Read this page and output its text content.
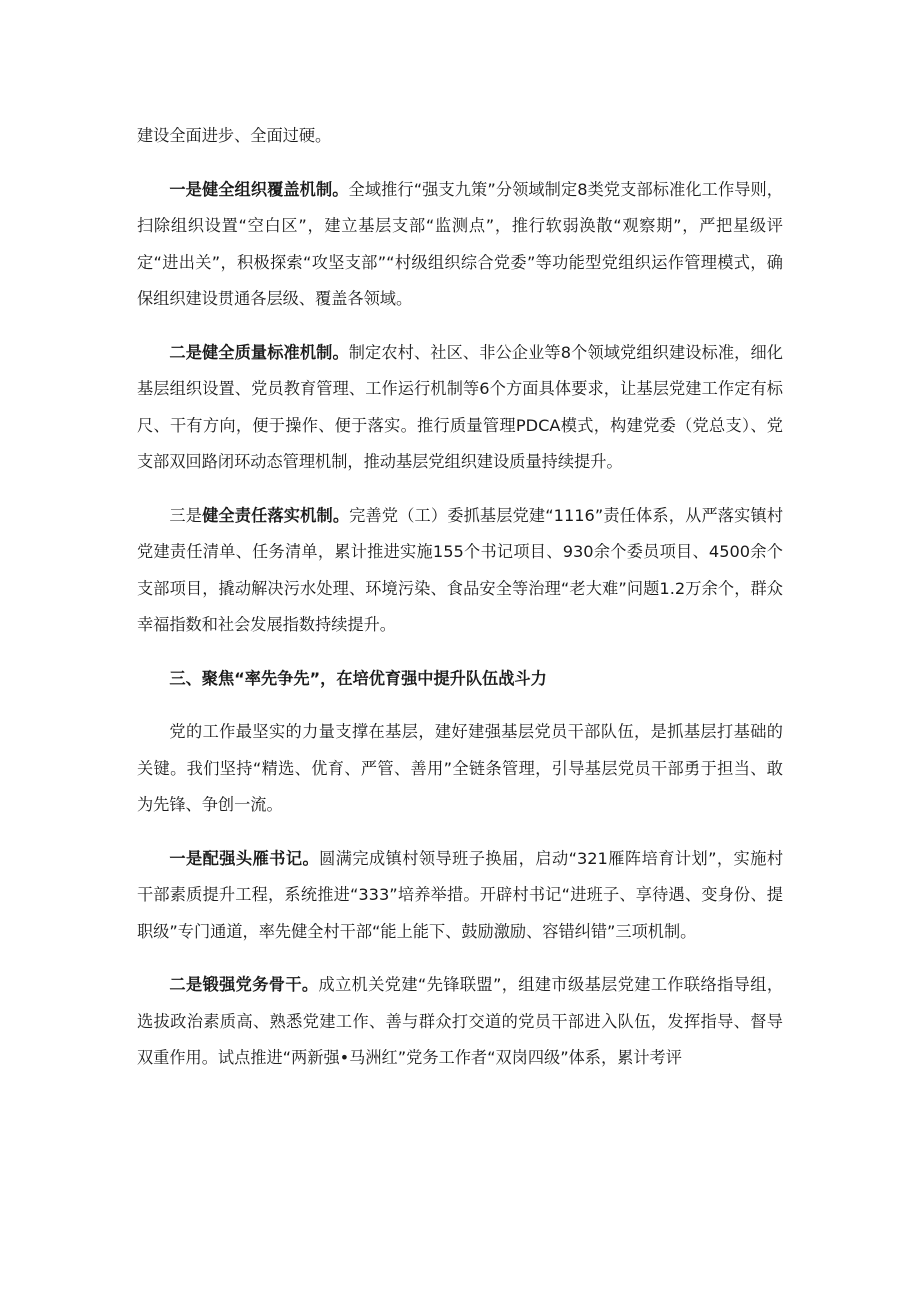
建设全面进步、全面过硬。

一是健全组织覆盖机制。全域推行“强支九策”分领域制定8类党支部标准化工作导则，扫除组织设置“空白区”，建立基层支部“监测点”，推行软弱涣散“观察期”，严把星级评定“进出关”，积极探索“攻坚支部”“村级组织综合党委”等功能型党组织运作管理模式，确保组织建设贯通各层级、覆盖各领域。

二是健全质量标准机制。制定农村、社区、非公企业等8个领域党组织建设标准，细化基层组织设置、党员教育管理、工作运行机制等6个方面具体要求，让基层党建工作定有标尺、干有方向，便于操作、便于落实。推行质量管理PDCA模式，构建党委（党总支）、党支部双回路闭环动态管理机制，推动基层党组织建设质量持续提升。

三是健全责任落实机制。完善党（工）委抓基层党建“1116”责任体系，从严落实镇村党建责任清单、任务清单，累计推进实施155个书记项目、930余个委员项目、4500余个支部项目，撬动解决污水处理、环境污染、食品安全等治理“老大难”问题1.2万余个，群众幸福指数和社会发展指数持续提升。

三、聚焦“率先争先”，在培优育强中提升队伍战斗力

党的工作最坚实的力量支撑在基层，建好建强基层党员干部队伍，是抓基层打基础的关键。我们坚持“精选、优育、严管、善用”全链条管理，引导基层党员干部勇于担当、敢为先锋、争创一流。

一是配强头雁书记。圆满完成镇村领导班子换届，启动“321雁阵培育计划”，实施村干部素质提升工程，系统推进“333”培养举措。开辟村书记“进班子、享待遇、变身份、提职级”专门通道，率先健全村干部“能上能下、鼓励激励、容错纠错”三项机制。

二是锻强党务骨干。成立机关党建“先锋联盟”，组建市级基层党建工作联络指导组，选拔政治素质高、熟悉党建工作、善与群众打交道的党员干部进入队伍，发挥指导、督导双重作用。试点推进“两新强•马洲红”党务工作者“双岗四级”体系，累计考评
